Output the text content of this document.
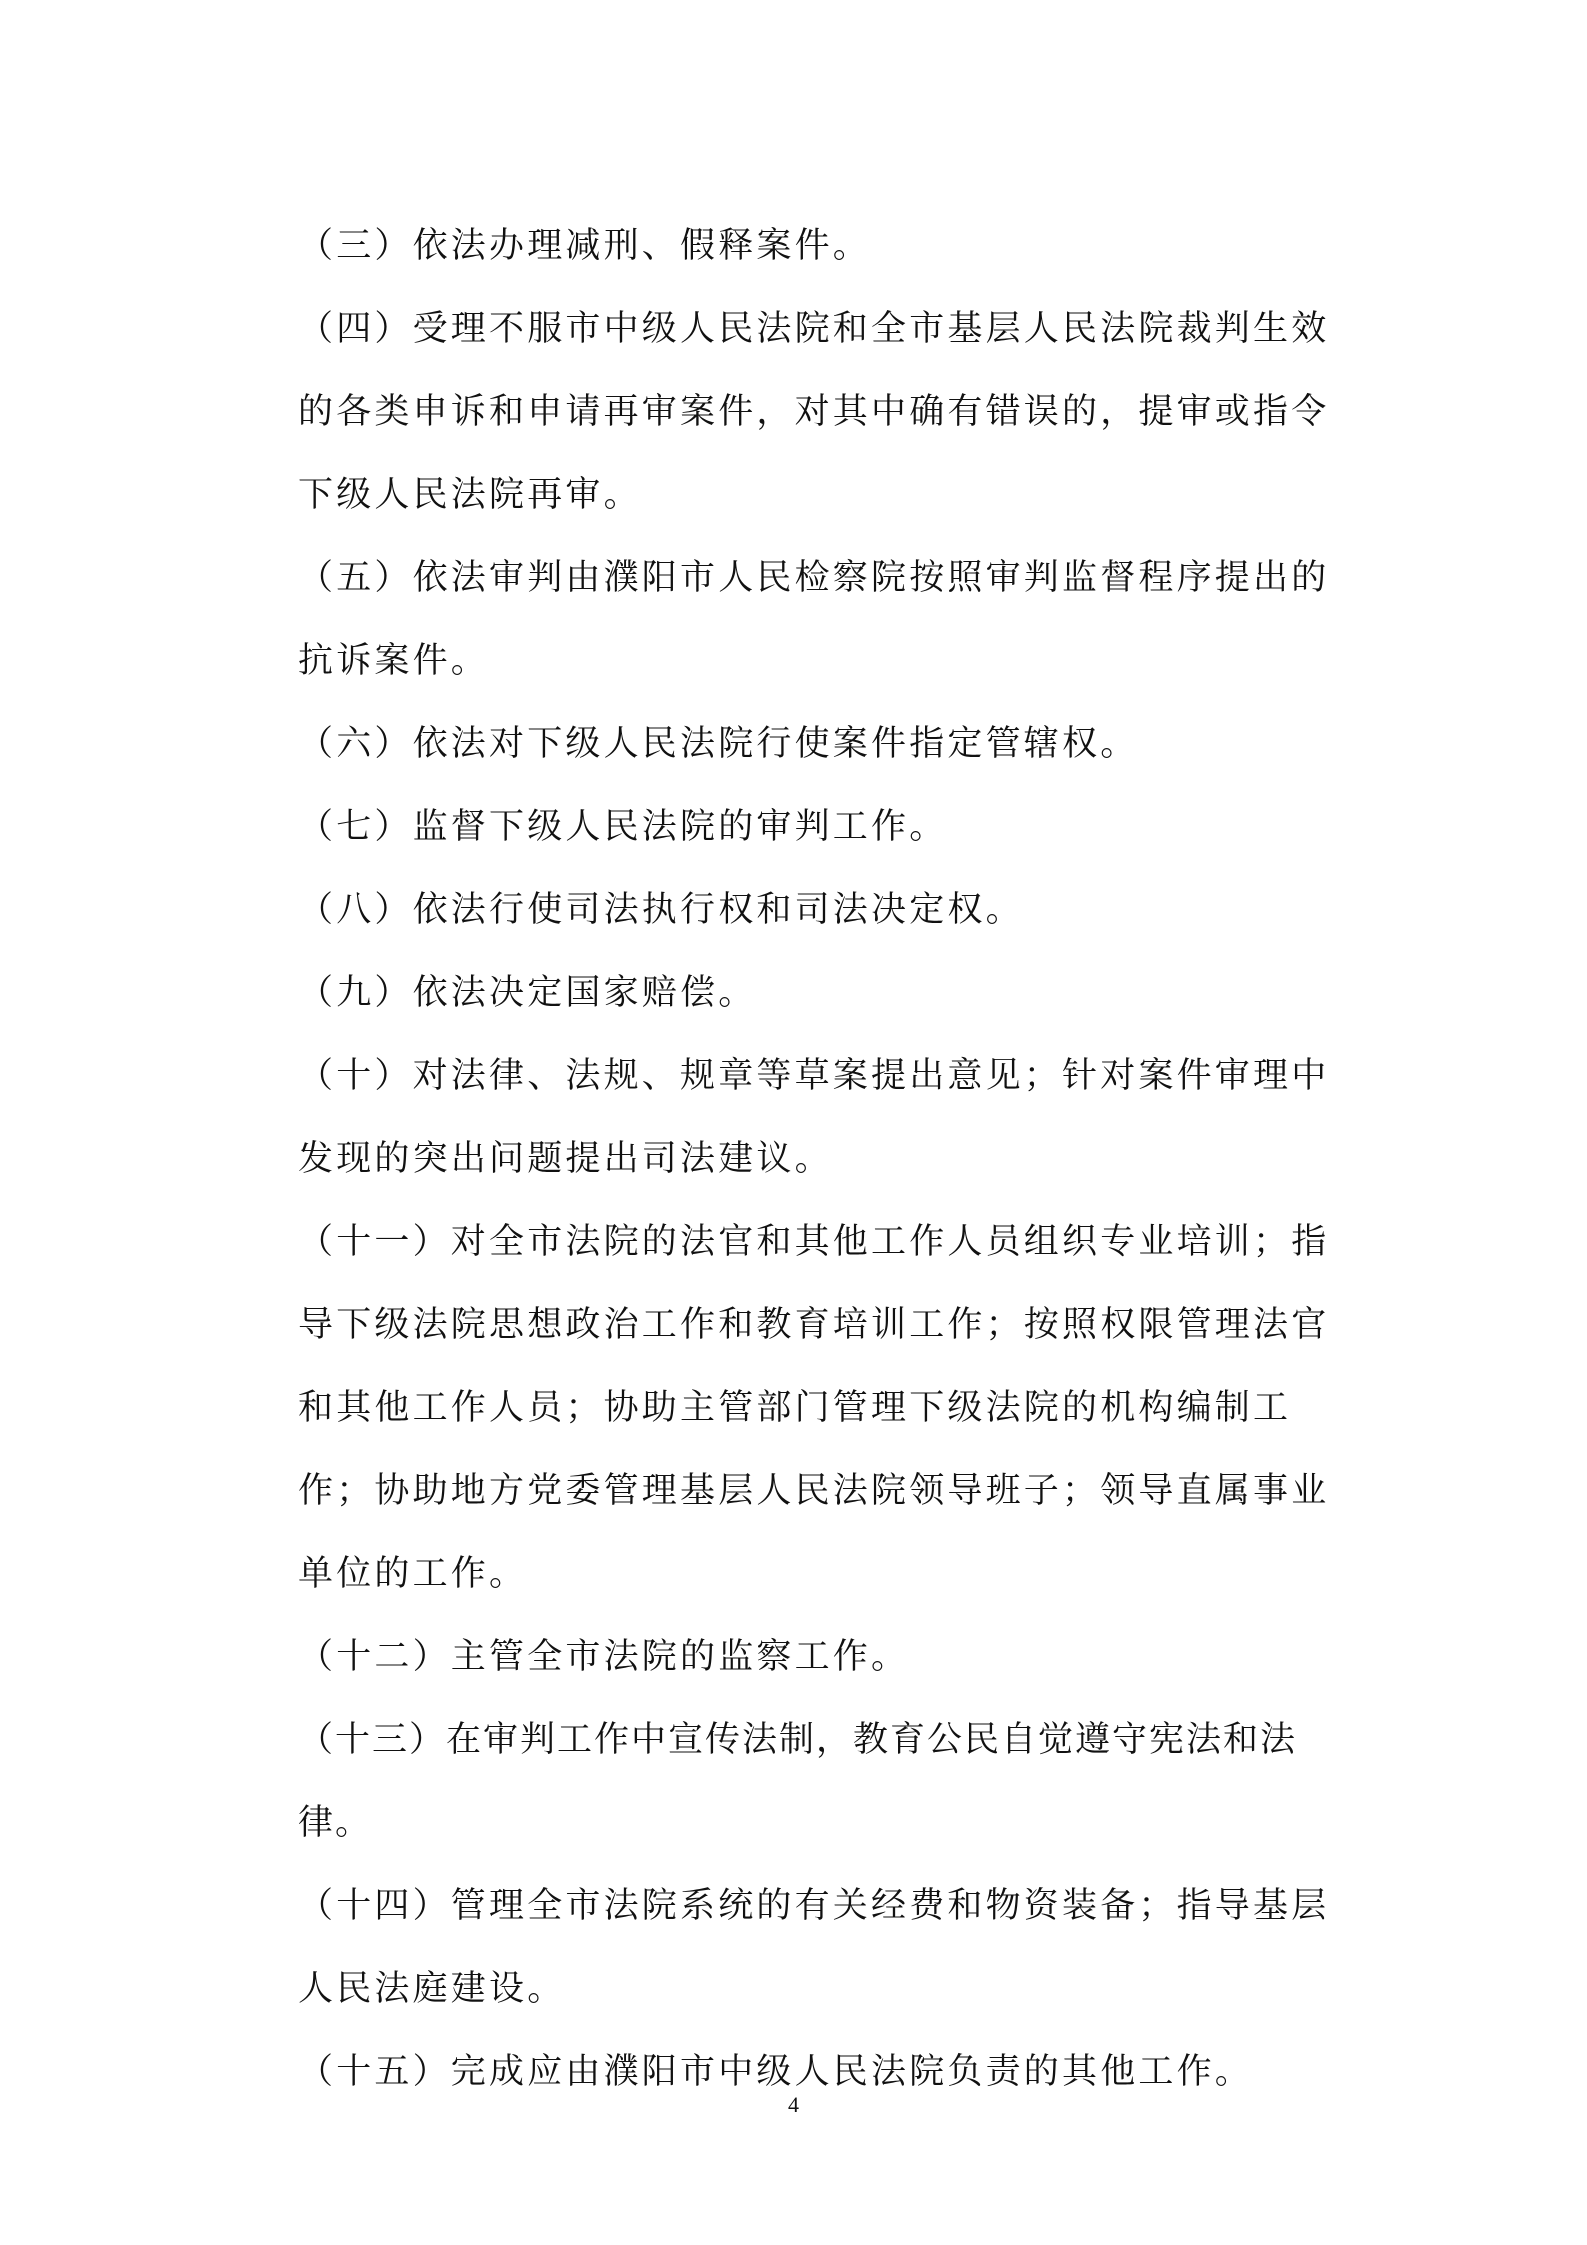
（三）依法办理减刑、假释案件。

（四）受理不服市中级人民法院和全市基层人民法院裁判生效的各类申诉和申请再审案件，对其中确有错误的，提审或指令下级人民法院再审。

（五）依法审判由濮阳市人民检察院按照审判监督程序提出的抗诉案件。

（六）依法对下级人民法院行使案件指定管辖权。

（七）监督下级人民法院的审判工作。

（八）依法行使司法执行权和司法决定权。

（九）依法决定国家赔偿。

（十）对法律、法规、规章等草案提出意见；针对案件审理中发现的突出问题提出司法建议。

（十一）对全市法院的法官和其他工作人员组织专业培训；指导下级法院思想政治工作和教育培训工作；按照权限管理法官和其他工作人员；协助主管部门管理下级法院的机构编制工作；协助地方党委管理基层人民法院领导班子；领导直属事业单位的工作。

（十二）主管全市法院的监察工作。

（十三）在审判工作中宣传法制，教育公民自觉遵守宪法和法律。

（十四）管理全市法院系统的有关经费和物资装备；指导基层人民法庭建设。

（十五）完成应由濮阳市中级人民法院负责的其他工作。

4
